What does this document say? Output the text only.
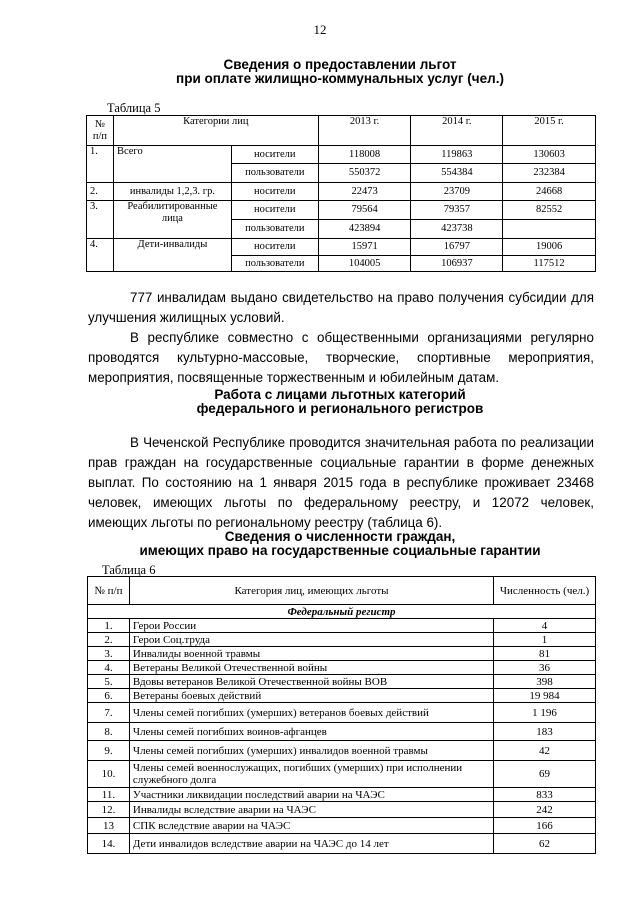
12
Сведения о предоставлении льгот
при оплате жилищно-коммунальных услуг (чел.)
Таблица 5
№ п/п	Категории лиц		2013 г.	2014 г.	2015 г.
1.	Всего	носители	118008	119863	130603
		пользователи	550372	554384	232384
2.	инвалиды 1,2,3. гр.	носители	22473	23709	24668
3.	Реабилитированные лица	носители	79564	79357	82552
		пользователи	423894	423738	
4.	Дети-инвалиды	носители	15971	16797	19006
		пользователи	104005	106937	117512

777 инвалидам выдано свидетельство на право получения субсидии для улучшения жилищных условий.

В республике совместно с общественными организациями регулярно проводятся культурно-массовые, творческие, спортивные мероприятия, мероприятия, посвященные торжественным и юбилейным датам.

Работа с лицами льготных категорий
федерального и регионального регистров

В Чеченской Республике проводится значительная работа по реализации прав граждан на государственные социальные гарантии в форме денежных выплат. По состоянию на 1 января 2015 года в республике проживает 23468 человек, имеющих льготы по федеральному реестру, и 12072 человек, имеющих льготы по региональному реестру (таблица 6).

Сведения о численности граждан,
имеющих право на государственные социальные гарантии
Таблица 6
№ п/п	Категория лиц, имеющих льготы	Численность (чел.)
Федеральный регистр		
1.	Герои России	4
2.	Герои Соц.труда	1
3.	Инвалиды военной травмы	81
4.	Ветераны Великой Отечественной войны	36
5.	Вдовы ветеранов Великой Отечественной войны ВОВ	398
6.	Ветераны боевых действий	19 984
7.	Члены семей погибших (умерших) ветеранов боевых действий	1 196
8.	Члены семей погибших воинов-афганцев	183
9.	Члены семей погибших (умерших) инвалидов военной травмы	42
10.	Члены семей военнослужащих, погибших (умерших) при исполнении служебного долга	69
11.	Участники ликвидации последствий аварии на ЧАЭС	833
12.	Инвалиды вследствие аварии на ЧАЭС	242
13	СПК вследствие аварии на ЧАЭС	166
14.	Дети инвалидов вследствие аварии на ЧАЭС до 14 лет	62
